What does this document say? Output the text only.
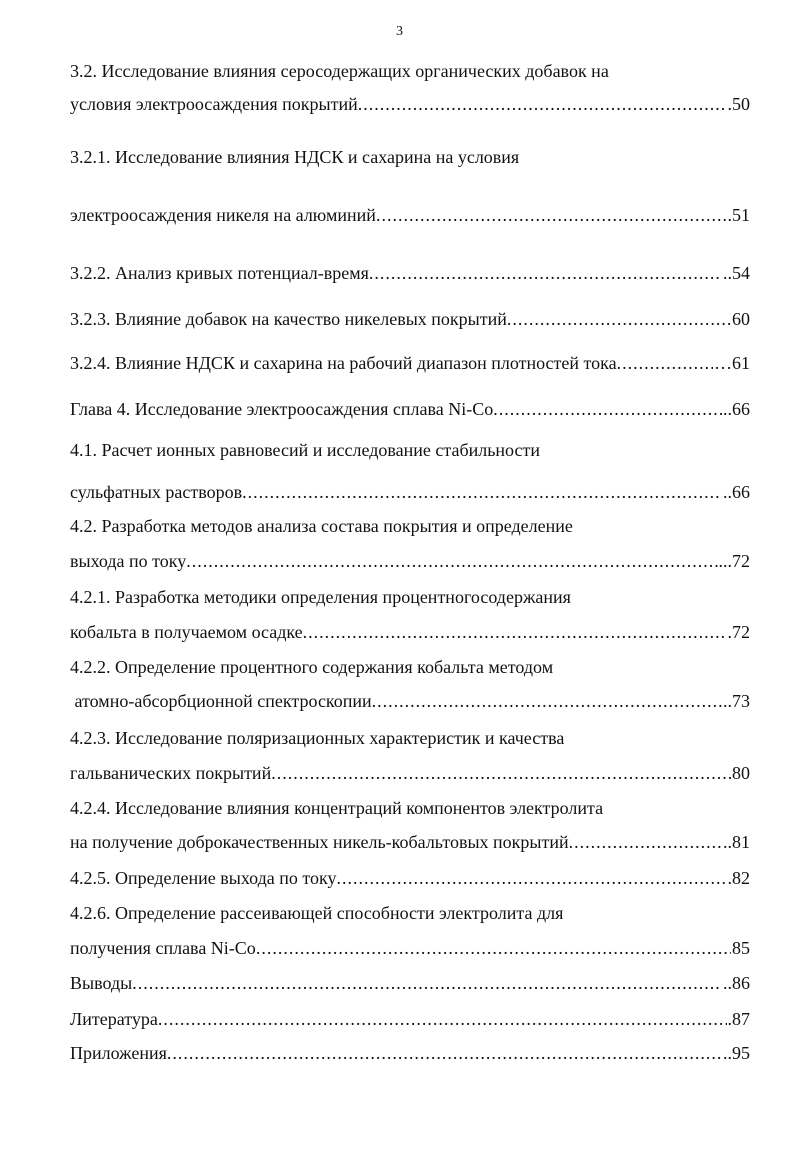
3
3.2. Исследование влияния серосодержащих органических добавок на
условия электроосаждения покрытий .....	.50
3.2.1. Исследование влияния НДСК и сахарина на условия
электроосаждения никеля на алюминий .....	.51
3.2.2. Анализ кривых потенциал-время .....	..54
3.2.3. Влияние добавок на качество никелевых покрытий .....	60
3.2.4. Влияние НДСК и сахарина на рабочий диапазон плотностей тока .....	…61
Глава 4. Исследование электроосаждения сплава Ni-Co .....	..66
4.1. Расчет ионных равновесий и исследование стабильности
сульфатных растворов .....	..66
4.2. Разработка методов анализа состава покрытия и определение
выхода по току .....	...72
4.2.1. Разработка методики определения процентногосодержания
кобальта в получаемом осадке .....	.72
4.2.2. Определение процентного содержания кобальта методом
атомно-абсорбционной спектроскопии .....	..73
4.2.3. Исследование поляризационных характеристик и качества
гальванических покрытий .....	80
4.2.4. Исследование влияния концентраций компонентов электролита
на получение доброкачественных никель-кобальтовых покрытий .....	..81
4.2.5. Определение выхода по току .....	.82
4.2.6. Определение рассеивающей способности электролита для
получения сплава Ni-Co .....	85
Выводы .....	..86
Литература .....	.87
Приложения .....	..95
